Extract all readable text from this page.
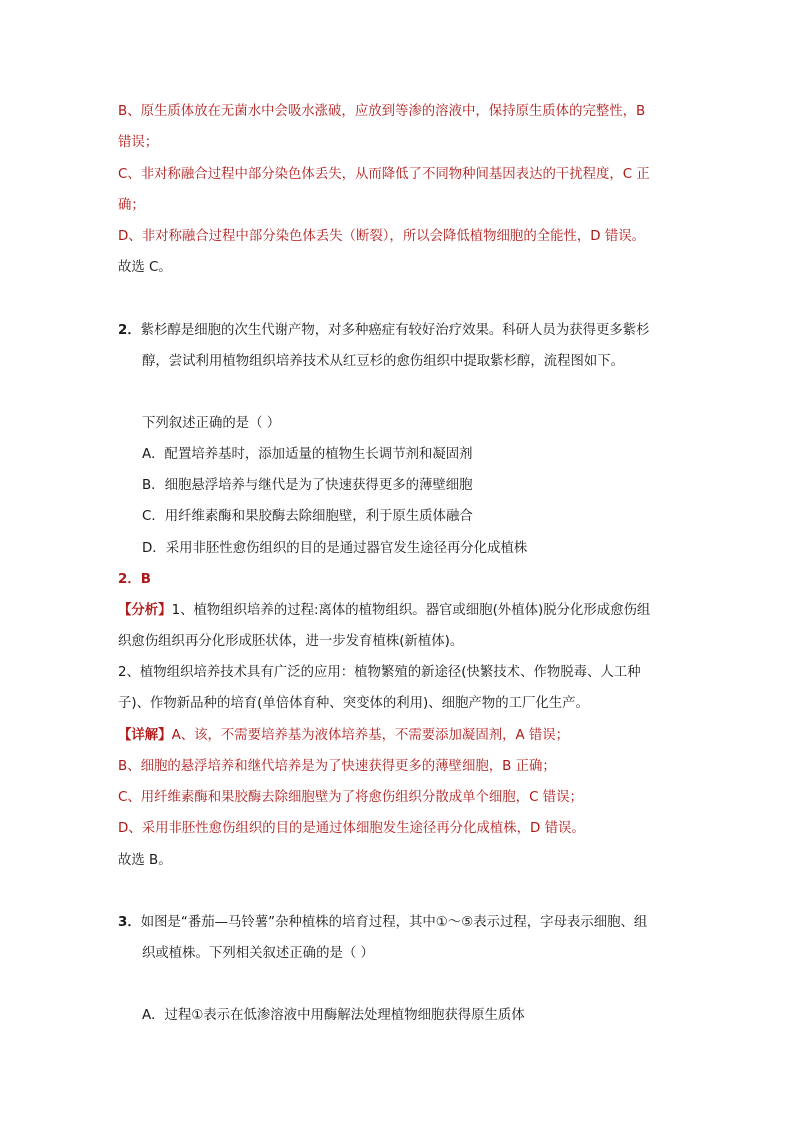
B、原生质体放在无菌水中会吸水涨破，应放到等渗的溶液中，保持原生质体的完整性，B
错误；
C、非对称融合过程中部分染色体丢失，从而降低了不同物种间基因表达的干扰程度，C 正
确；
D、非对称融合过程中部分染色体丢失（断裂），所以会降低植物细胞的全能性，D 错误。
故选 C。
2．紫杉醇是细胞的次生代谢产物，对多种癌症有较好治疗效果。科研人员为获得更多紫杉
醇，尝试利用植物组织培养技术从红豆杉的愈伤组织中提取紫杉醇，流程图如下。
下列叙述正确的是（ ）
A．配置培养基时，添加适量的植物生长调节剂和凝固剂
B．细胞悬浮培养与继代是为了快速获得更多的薄壁细胞
C．用纤维素酶和果胶酶去除细胞壁，利于原生质体融合
D．采用非胚性愈伤组织的目的是通过器官发生途径再分化成植株
2．B
【分析】1、植物组织培养的过程:离体的植物组织。器官或细胞(外植体)脱分化形成愈伤组
织愈伤组织再分化形成胚状体，进一步发育植株(新植体)。
2、植物组织培养技术具有广泛的应用：植物繁殖的新途径(快繁技术、作物脱毒、人工种
子)、作物新品种的培育(单倍体育种、突变体的利用)、细胞产物的工厂化生产。
【详解】A、该，不需要培养基为液体培养基，不需要添加凝固剂，A 错误；
B、细胞的悬浮培养和继代培养是为了快速获得更多的薄壁细胞，B 正确；
C、用纤维素酶和果胶酶去除细胞壁为了将愈伤组织分散成单个细胞，C 错误；
D、采用非胚性愈伤组织的目的是通过体细胞发生途径再分化成植株，D 错误。
故选 B。
3．如图是“番茄—马铃薯”杂种植株的培育过程，其中①～⑤表示过程，字母表示细胞、组
织或植株。下列相关叙述正确的是（ ）
A．过程①表示在低渗溶液中用酶解法处理植物细胞获得原生质体
